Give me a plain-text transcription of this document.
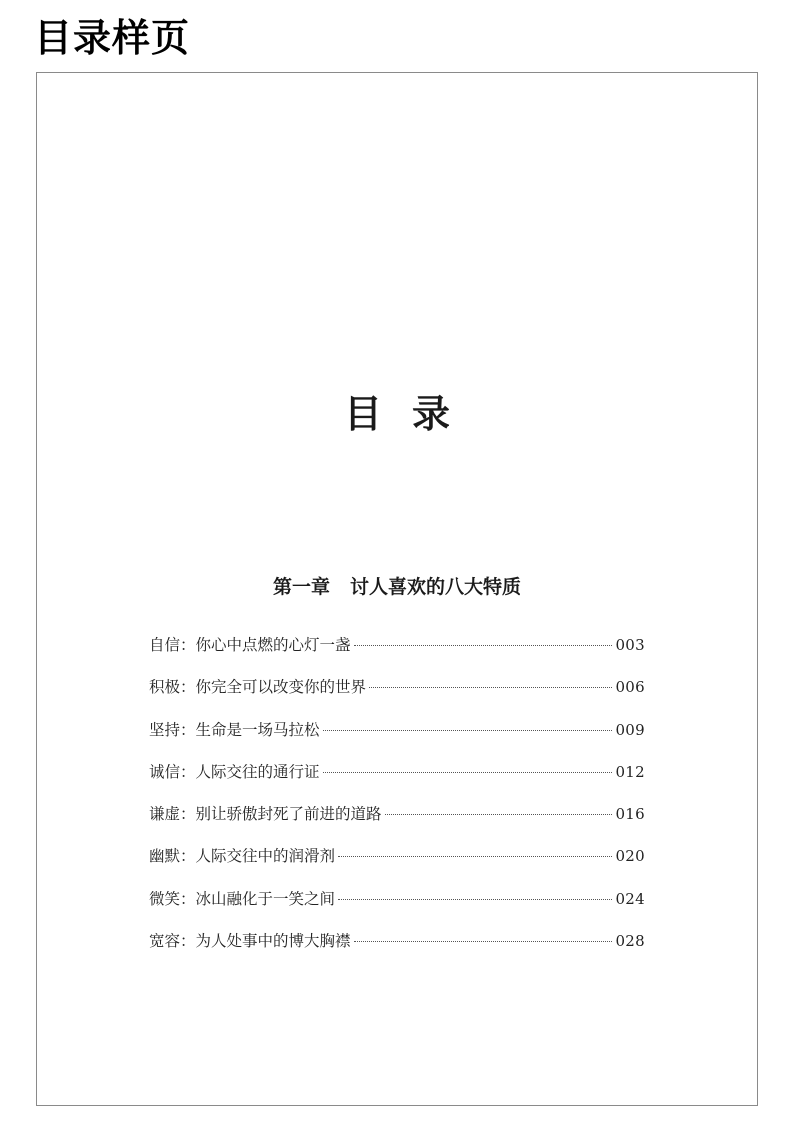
目录样页
目 录
第一章 讨人喜欢的八大特质
自信：你心中点燃的心灯一盏	003
积极：你完全可以改变你的世界	006
坚持：生命是一场马拉松	009
诚信：人际交往的通行证	012
谦虚：别让骄傲封死了前进的道路	016
幽默：人际交往中的润滑剂	020
微笑：冰山融化于一笑之间	024
宽容：为人处事中的博大胸襟	028
